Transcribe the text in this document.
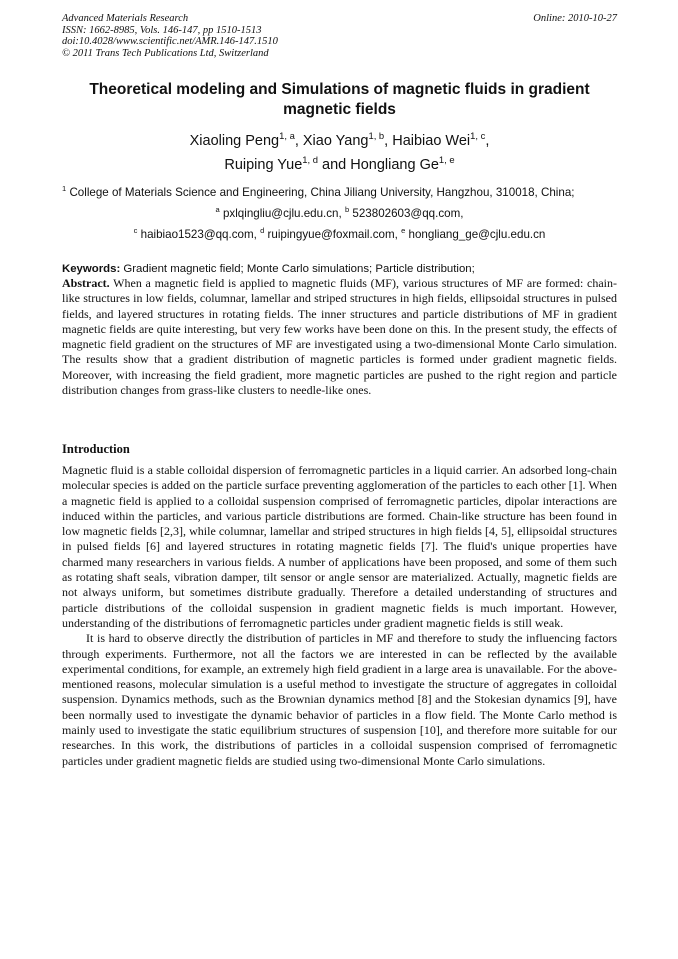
Advanced Materials Research
ISSN: 1662-8985, Vols. 146-147, pp 1510-1513
doi:10.4028/www.scientific.net/AMR.146-147.1510
© 2011 Trans Tech Publications Ltd, Switzerland
Online: 2010-10-27
Theoretical modeling and Simulations of magnetic fluids in gradient magnetic fields
Xiaoling Peng$^{1, a}$, Xiao Yang$^{1, b}$, Haibiao Wei$^{1, c}$,
Ruiping Yue$^{1, d}$ and Hongliang Ge$^{1, e}$
$^1$ College of Materials Science and Engineering, China Jiliang University, Hangzhou, 310018, China;
$^a$ pxlqingliu@cjlu.edu.cn, $^b$ 523802603@qq.com,
$^c$ haibiao1523@qq.com, $^d$ ruipingyue@foxmail.com, $^e$ hongliang_ge@cjlu.edu.cn
Keywords: Gradient magnetic field; Monte Carlo simulations; Particle distribution;
Abstract. When a magnetic field is applied to magnetic fluids (MF), various structures of MF are formed: chain-like structures in low fields, columnar, lamellar and striped structures in high fields, ellipsoidal structures in pulsed fields, and layered structures in rotating fields. The inner structures and particle distributions of MF in gradient magnetic fields are quite interesting, but very few works have been done on this. In the present study, the effects of magnetic field gradient on the structures of MF are investigated using a two-dimensional Monte Carlo simulation. The results show that a gradient distribution of magnetic particles is formed under gradient magnetic fields. Moreover, with increasing the field gradient, more magnetic particles are pushed to the right region and particle distribution changes from grass-like clusters to needle-like ones.
Introduction

Magnetic fluid is a stable colloidal dispersion of ferromagnetic particles in a liquid carrier. An adsorbed long-chain molecular species is added on the particle surface preventing agglomeration of the particles to each other [1]. When a magnetic field is applied to a colloidal suspension comprised of ferromagnetic particles, dipolar interactions are induced within the particles, and various particle distributions are formed. Chain-like structure has been found in low magnetic fields [2,3], while columnar, lamellar and striped structures in high fields [4, 5], ellipsoidal structures in pulsed fields [6] and layered structures in rotating magnetic fields [7]. The fluid's unique properties have charmed many researchers in various fields. A number of applications have been proposed, and some of them such as rotating shaft seals, vibration damper, tilt sensor or angle sensor are materialized. Actually, magnetic fields are not always uniform, but sometimes distribute gradually. Therefore a detailed understanding of structures and particle distributions of the colloidal suspension in gradient magnetic fields is much important. However, understanding of the distributions of ferromagnetic particles under gradient magnetic fields is still weak.

It is hard to observe directly the distribution of particles in MF and therefore to study the influencing factors through experiments. Furthermore, not all the factors we are interested in can be reflected by the available experimental conditions, for example, an extremely high field gradient in a large area is unavailable. For the above-mentioned reasons, molecular simulation is a useful method to investigate the structure of aggregates in colloidal suspension. Dynamics methods, such as the Brownian dynamics method [8] and the Stokesian dynamics [9], have been normally used to investigate the dynamic behavior of particles in a flow field. The Monte Carlo method is mainly used to investigate the static equilibrium structures of suspension [10], and therefore more suitable for our researches. In this work, the distributions of particles in a colloidal suspension comprised of ferromagnetic particles under gradient magnetic fields are studied using two-dimensional Monte Carlo simulations.
